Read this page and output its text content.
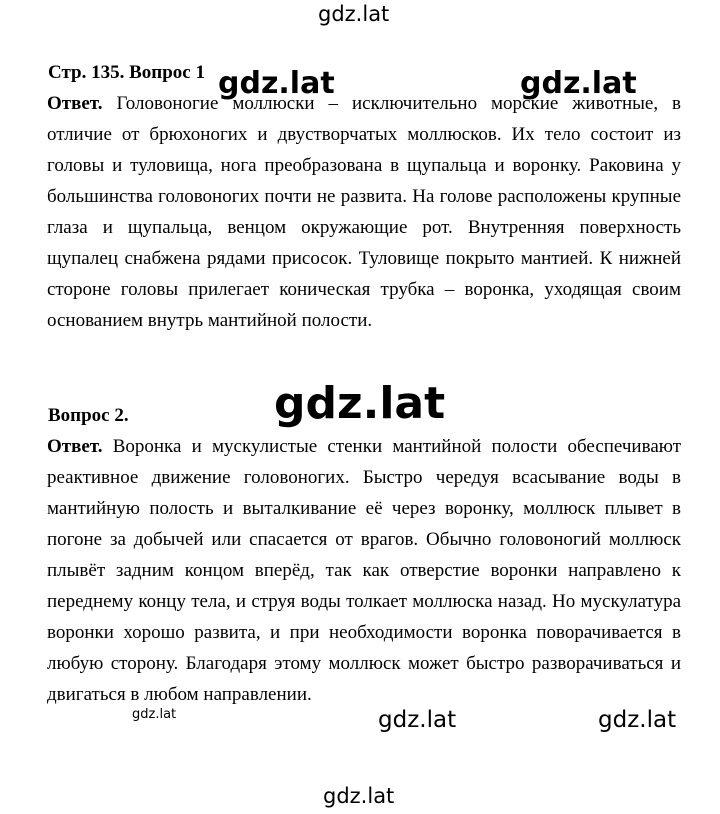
gdz.lat
Стр. 135. Вопрос 1
Ответ. Головоногие моллюски – исключительно морские животные, в отличие от брюхоногих и двустворчатых моллюсков. Их тело состоит из головы и туловища, нога преобразована в щупальца и воронку. Раковина у большинства головоногих почти не развита. На голове расположены крупные глаза и щупальца, венцом окружающие рот. Внутренняя поверхность щупалец снабжена рядами присосок. Туловище покрыто мантией. К нижней стороне головы прилегает коническая трубка – воронка, уходящая своим основанием внутрь мантийной полости.
Вопрос 2.
Ответ. Воронка и мускулистые стенки мантийной полости обеспечивают реактивное движение головоногих. Быстро чередуя всасывание воды в мантийную полость и выталкивание её через воронку, моллюск плывет в погоне за добычей или спасается от врагов. Обычно головоногий моллюск плывёт задним концом вперёд, так как отверстие воронки направлено к переднему концу тела, и струя воды толкает моллюска назад. Но мускулатура воронки хорошо развита, и при необходимости воронка поворачивается в любую сторону. Благодаря этому моллюск может быстро разворачиваться и двигаться в любом направлении.
gdz.lat	gdz.lat
gdz.lat
gdz.lat	gdz.lat	gdz.lat
gdz.lat
